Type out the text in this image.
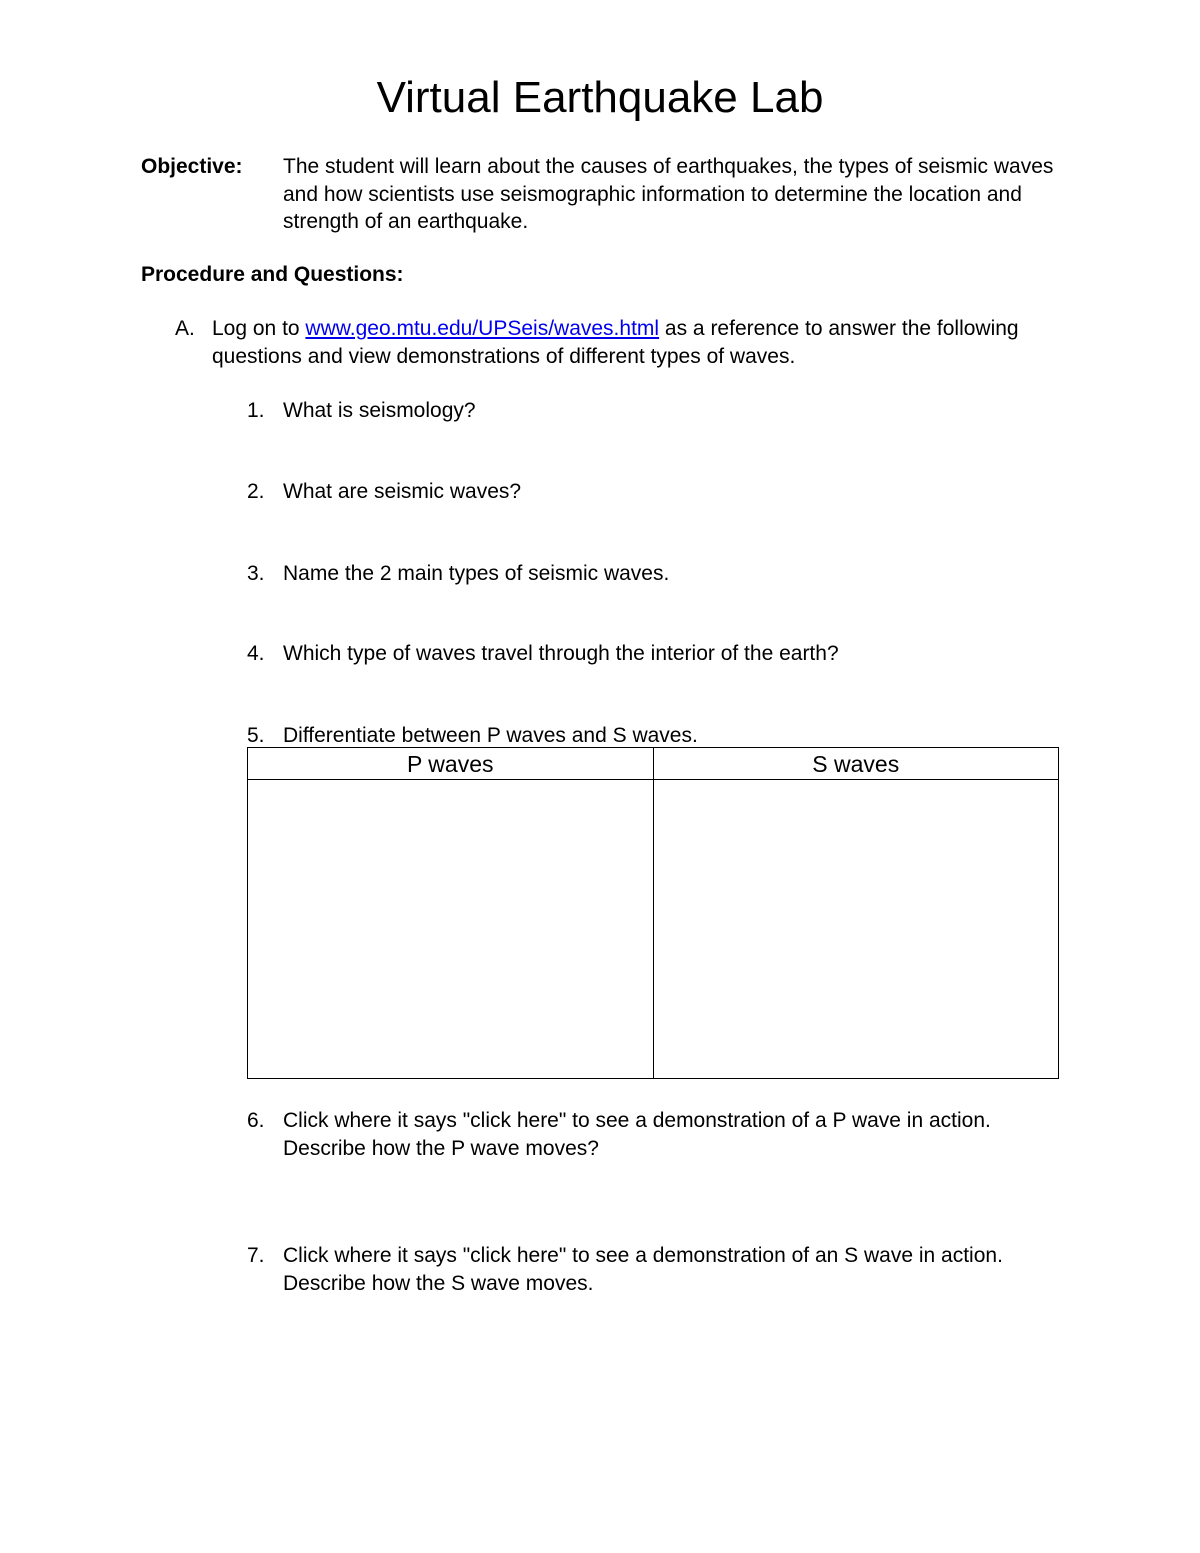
Virtual Earthquake Lab
Objective: The student will learn about the causes of earthquakes, the types of seismic waves and how scientists use seismographic information to determine the location and strength of an earthquake.
Procedure and Questions:
A. Log on to www.geo.mtu.edu/UPSeis/waves.html as a reference to answer the following questions and view demonstrations of different types of waves.
1. What is seismology?
2. What are seismic waves?
3. Name the 2 main types of seismic waves.
4. Which type of waves travel through the interior of the earth?
5. Differentiate between P waves and S waves.
P waves	S waves

6. Click where it says "click here" to see a demonstration of a P wave in action. Describe how the P wave moves?
7. Click where it says "click here" to see a demonstration of an S wave in action. Describe how the S wave moves.
